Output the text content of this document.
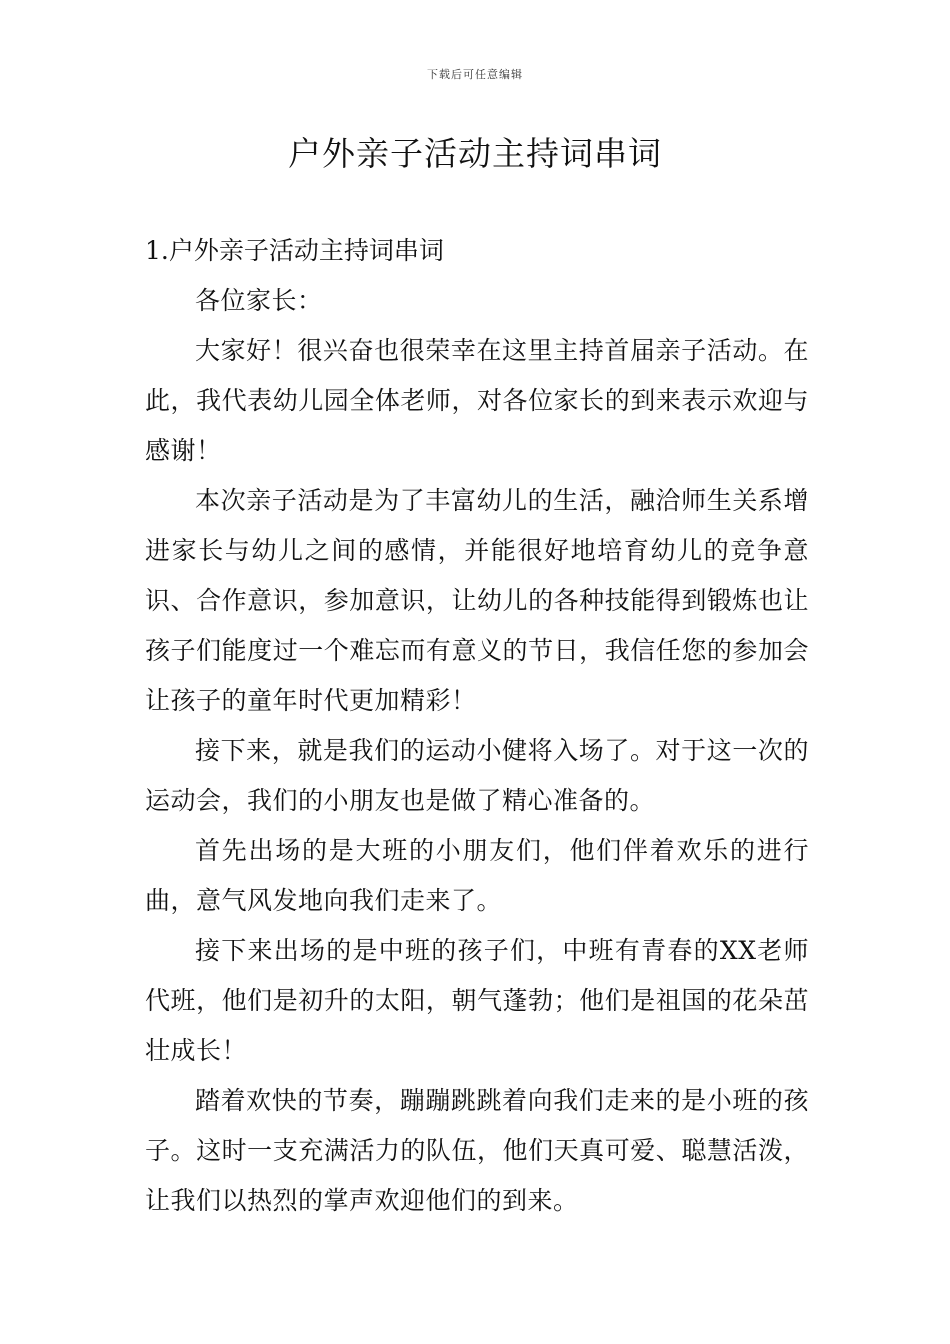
下载后可任意编辑
户外亲子活动主持词串词

1.户外亲子活动主持词串词

各位家长：

大家好！很兴奋也很荣幸在这里主持首届亲子活动。在此，我代表幼儿园全体老师，对各位家长的到来表示欢迎与感谢！

本次亲子活动是为了丰富幼儿的生活，融洽师生关系增进家长与幼儿之间的感情，并能很好地培育幼儿的竞争意识、合作意识，参加意识，让幼儿的各种技能得到锻炼也让孩子们能度过一个难忘而有意义的节日，我信任您的参加会让孩子的童年时代更加精彩！

接下来，就是我们的运动小健将入场了。对于这一次的运动会，我们的小朋友也是做了精心准备的。

首先出场的是大班的小朋友们，他们伴着欢乐的进行曲，意气风发地向我们走来了。

接下来出场的是中班的孩子们，中班有青春的XX老师代班，他们是初升的太阳，朝气蓬勃；他们是祖国的花朵茁壮成长！

踏着欢快的节奏，蹦蹦跳跳着向我们走来的是小班的孩子。这时一支充满活力的队伍，他们天真可爱、聪慧活泼，让我们以热烈的掌声欢迎他们的到来。
